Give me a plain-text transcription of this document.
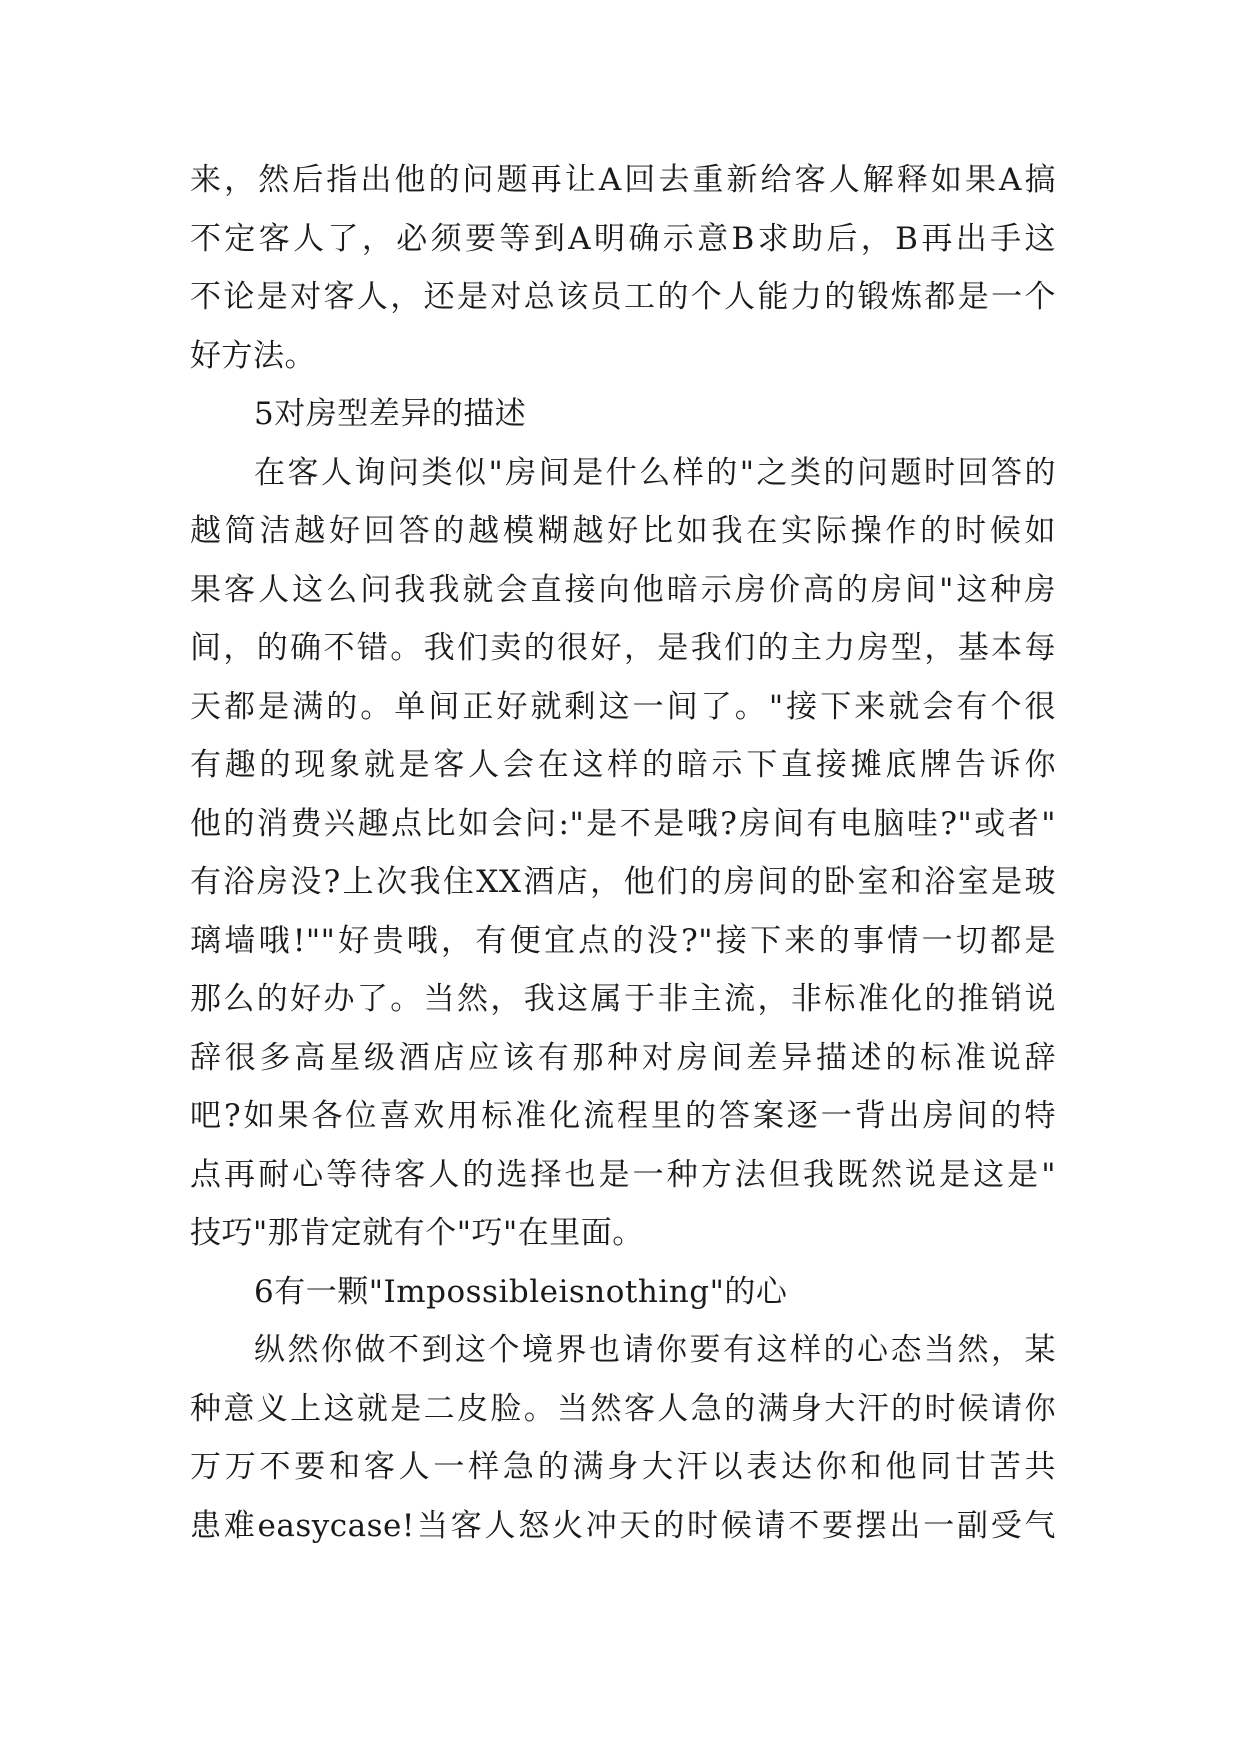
来，然后指出他的问题再让A回去重新给客人解释如果A搞
不定客人了，必须要等到A明确示意B求助后，B再出手这
不论是对客人，还是对总该员工的个人能力的锻炼都是一个
好方法。
5对房型差异的描述
在客人询问类似"房间是什么样的"之类的问题时回答的
越简洁越好回答的越模糊越好比如我在实际操作的时候如
果客人这么问我我就会直接向他暗示房价高的房间"这种房
间，的确不错。我们卖的很好，是我们的主力房型，基本每
天都是满的。单间正好就剩这一间了。"接下来就会有个很
有趣的现象就是客人会在这样的暗示下直接摊底牌告诉你
他的消费兴趣点比如会问:"是不是哦?房间有电脑哇?"或者"
有浴房没?上次我住XX酒店，他们的房间的卧室和浴室是玻
璃墙哦!""好贵哦，有便宜点的没?"接下来的事情一切都是
那么的好办了。当然，我这属于非主流，非标准化的推销说
辞很多高星级酒店应该有那种对房间差异描述的标准说辞
吧?如果各位喜欢用标准化流程里的答案逐一背出房间的特
点再耐心等待客人的选择也是一种方法但我既然说是这是"
技巧"那肯定就有个"巧"在里面。
6有一颗"Impossibleisnothing"的心
纵然你做不到这个境界也请你要有这样的心态当然，某
种意义上这就是二皮脸。当然客人急的满身大汗的时候请你
万万不要和客人一样急的满身大汗以表达你和他同甘苦共
患难easycase!当客人怒火冲天的时候请不要摆出一副受气
